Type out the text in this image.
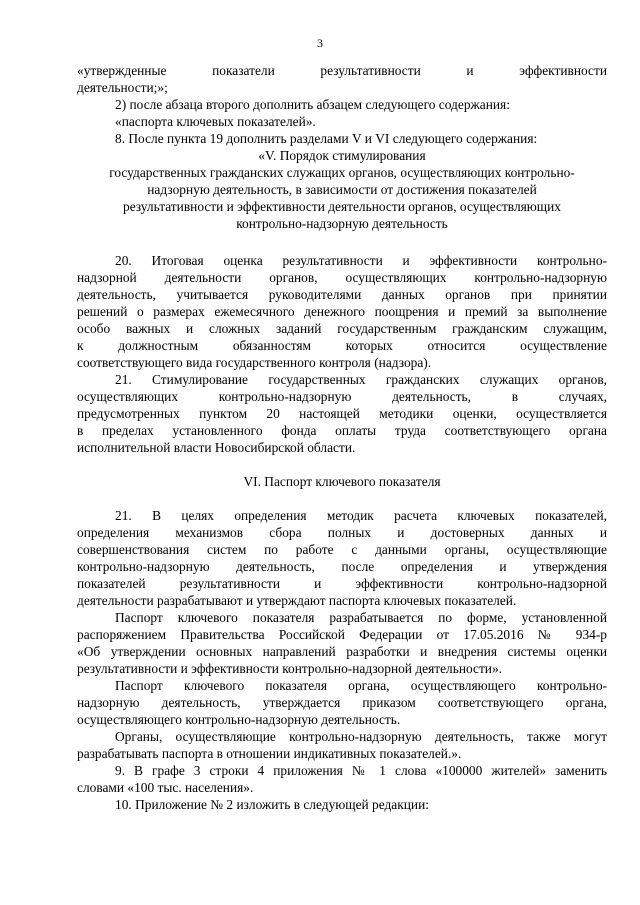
3

«утвержденные показатели результативности и эффективности

деятельности;»;

2) после абзаца второго дополнить абзацем следующего содержания:

«паспорта ключевых показателей».

8. После пункта 19 дополнить разделами V и VI следующего содержания:

«V. Порядок стимулирования

государственных гражданских служащих органов, осуществляющих контрольно-

надзорную деятельность, в зависимости от достижения показателей

результативности и эффективности деятельности органов, осуществляющих

контрольно-надзорную деятельность

20. Итоговая оценка результативности и эффективности контрольно-

надзорной деятельности органов, осуществляющих контрольно-надзорную

деятельность, учитывается руководителями данных органов при принятии

решений о размерах ежемесячного денежного поощрения и премий за выполнение

особо важных и сложных заданий государственным гражданским служащим,

к должностным обязанностям которых относится осуществление

соответствующего вида государственного контроля (надзора).

21. Стимулирование государственных гражданских служащих органов,

осуществляющих контрольно-надзорную деятельность, в случаях,

предусмотренных пунктом 20 настоящей методики оценки, осуществляется

в пределах установленного фонда оплаты труда соответствующего органа

исполнительной власти Новосибирской области.

VI. Паспорт ключевого показателя

21. В целях определения методик расчета ключевых показателей,

определения механизмов сбора полных и достоверных данных и

совершенствования систем по работе с данными органы, осуществляющие

контрольно-надзорную деятельность, после определения и утверждения

показателей результативности и эффективности контрольно-надзорной

деятельности разрабатывают и утверждают паспорта ключевых показателей.

Паспорт ключевого показателя разрабатывается по форме, установленной

распоряжением Правительства Российской Федерации от 17.05.2016 № 934-р

«Об утверждении основных направлений разработки и внедрения системы оценки

результативности и эффективности контрольно-надзорной деятельности».

Паспорт ключевого показателя органа, осуществляющего контрольно-

надзорную деятельность, утверждается приказом соответствующего органа,

осуществляющего контрольно-надзорную деятельность.

Органы, осуществляющие контрольно-надзорную деятельность, также могут

разрабатывать паспорта в отношении индикативных показателей.».

9. В графе 3 строки 4 приложения № 1 слова «100000 жителей» заменить

словами «100 тыс. населения».

10. Приложение № 2 изложить в следующей редакции:
